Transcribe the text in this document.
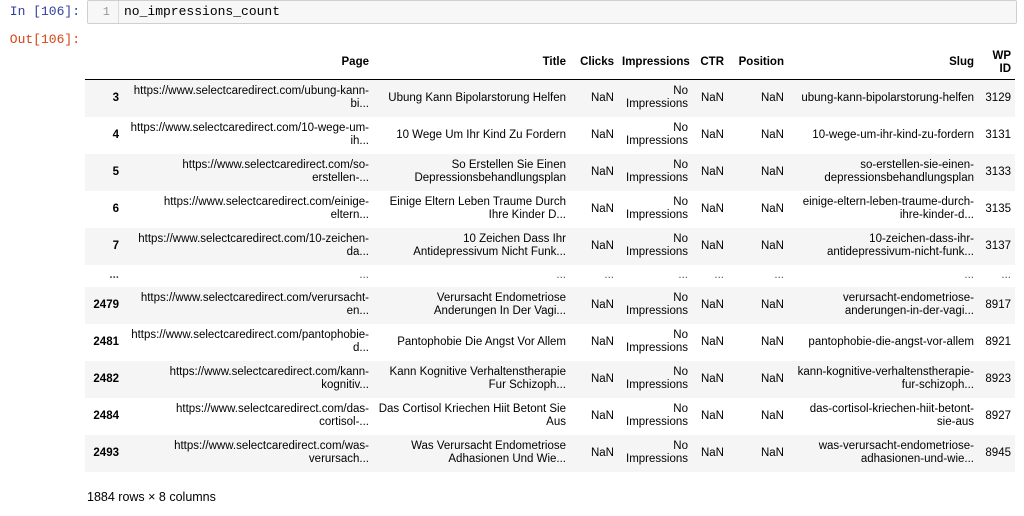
In [106]:	1 no_impressions_count
Out[106]:
	Page	Title	Clicks	Impressions	CTR	Position	Slug	WP ID
3	https://www.selectcaredirect.com/ubung-kann-bi...	Ubung Kann Bipolarstorung Helfen	NaN	No Impressions	NaN	NaN	ubung-kann-bipolarstorung-helfen	3129
4	https://www.selectcaredirect.com/10-wege-um-ih...	10 Wege Um Ihr Kind Zu Fordern	NaN	No Impressions	NaN	NaN	10-wege-um-ihr-kind-zu-fordern	3131
5	https://www.selectcaredirect.com/so-erstellen-...	So Erstellen Sie Einen Depressionsbehandlungsplan	NaN	No Impressions	NaN	NaN	so-erstellen-sie-einen-depressionsbehandlungsplan	3133
6	https://www.selectcaredirect.com/einige-eltern...	Einige Eltern Leben Traume Durch Ihre Kinder D...	NaN	No Impressions	NaN	NaN	einige-eltern-leben-traume-durch-ihre-kinder-d...	3135
7	https://www.selectcaredirect.com/10-zeichen-da...	10 Zeichen Dass Ihr Antidepressivum Nicht Funk...	NaN	No Impressions	NaN	NaN	10-zeichen-dass-ihr-antidepressivum-nicht-funk...	3137
...	...	...	...	...	...	...	...	...
2479	https://www.selectcaredirect.com/verursacht-en...	Verursacht Endometriose Anderungen In Der Vagi...	NaN	No Impressions	NaN	NaN	verursacht-endometriose-anderungen-in-der-vagi...	8917
2481	https://www.selectcaredirect.com/pantophobie-d...	Pantophobie Die Angst Vor Allem	NaN	No Impressions	NaN	NaN	pantophobie-die-angst-vor-allem	8921
2482	https://www.selectcaredirect.com/kann-kognitiv...	Kann Kognitive Verhaltenstherapie Fur Schizoph...	NaN	No Impressions	NaN	NaN	kann-kognitive-verhaltenstherapie-fur-schizoph...	8923
2484	https://www.selectcaredirect.com/das-cortisol-...	Das Cortisol Kriechen Hiit Betont Sie Aus	NaN	No Impressions	NaN	NaN	das-cortisol-kriechen-hiit-betont-sie-aus	8927
2493	https://www.selectcaredirect.com/was-verursach...	Was Verursacht Endometriose Adhasionen Und Wie...	NaN	No Impressions	NaN	NaN	was-verursacht-endometriose-adhasionen-und-wie...	8945
1884 rows × 8 columns
